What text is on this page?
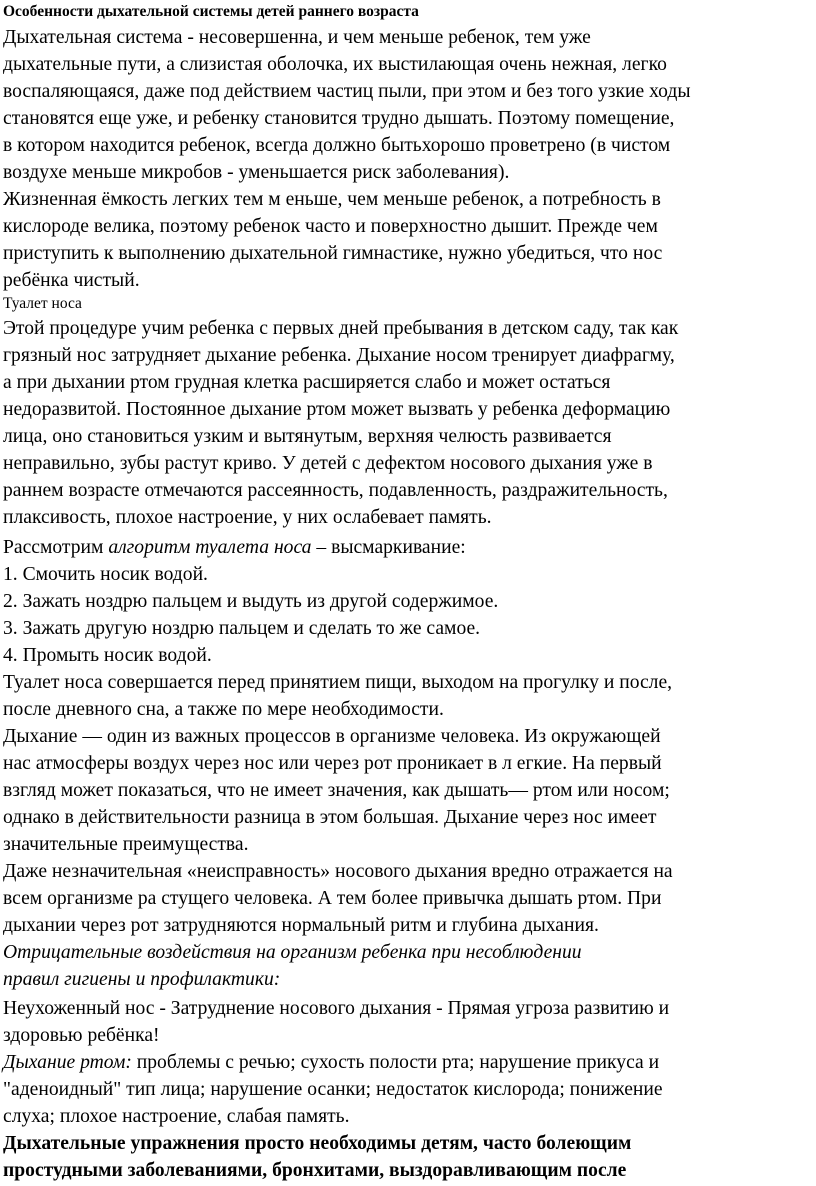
Особенности дыхательной системы детей раннего возраста
Дыхательная система - несовершенна, и чем меньше ребенок, тем уже
дыхательные пути, а слизистая оболочка, их выстилающая очень нежная, легко
воспаляющаяся, даже под действием частиц пыли, при этом и без того узкие ходы
становятся еще уже, и ребенку становится трудно дышать. Поэтому помещение,
в котором находится ребенок, всегда должно бытьхорошо проветрено (в чистом
воздухе меньше микробов - уменьшается риск заболевания).
Жизненная ёмкость легких тем м еньше, чем меньше ребенок, а потребность в
кислороде велика, поэтому ребенок часто и поверхностно дышит. Прежде чем
приступить к выполнению дыхательной гимнастике, нужно убедиться, что нос
ребёнка чистый.
Туалет носа
Этой процедуре учим ребенка с первых дней пребывания в детском саду, так как
грязный нос затрудняет дыхание ребенка. Дыхание носом тренирует диафрагму,
а при дыхании ртом грудная клетка расширяется слабо и может остаться
недоразвитой. Постоянное дыхание ртом может вызвать у ребенка деформацию
лица, оно становиться узким и вытянутым, верхняя челюсть развивается
неправильно, зубы растут криво. У детей с дефектом носового дыхания уже в
раннем возрасте отмечаются рассеянность, подавленность, раздражительность,
плаксивость, плохое настроение, у них ослабевает память.
Рассмотрим алгоритм туалета носа – высмаркивание:
1. Смочить носик водой.
2. Зажать ноздрю пальцем и выдуть из другой содержимое.
3. Зажать другую ноздрю пальцем и сделать то же самое.
4. Промыть носик водой.
Туалет носа совершается перед принятием пищи, выходом на прогулку и после,
после дневного сна, а также по мере необходимости.
Дыхание — один из важных процессов в организме человека. Из окружающей
нас атмосферы воздух через нос или через рот проникает в л егкие. На первый
взгляд может показаться, что не имеет значения, как дышать— ртом или носом;
однако в действительности разница в этом большая. Дыхание через нос имеет
значительные преимущества.
Даже незначительная «неисправность» носового дыхания вредно отражается на
всем организме ра стущего человека. А тем более привычка дышать ртом. При
дыхании через рот затрудняются нормальный ритм и глубина дыхания.
Отрицательные воздействия на организм ребенка при несоблюдении
правил гигиены и профилактики:
Неухоженный нос - Затруднение носового дыхания - Прямая угроза развитию и
здоровью ребёнка!
Дыхание ртом: проблемы с речью; сухость полости рта; нарушение прикуса и
"аденоидный" тип лица; нарушение осанки; недостаток кислорода; понижение
слуха; плохое настроение, слабая память.
Дыхательные упражнения просто необходимы детям, часто болеющим
простудными заболеваниями, бронхитами, выздоравливающим после
